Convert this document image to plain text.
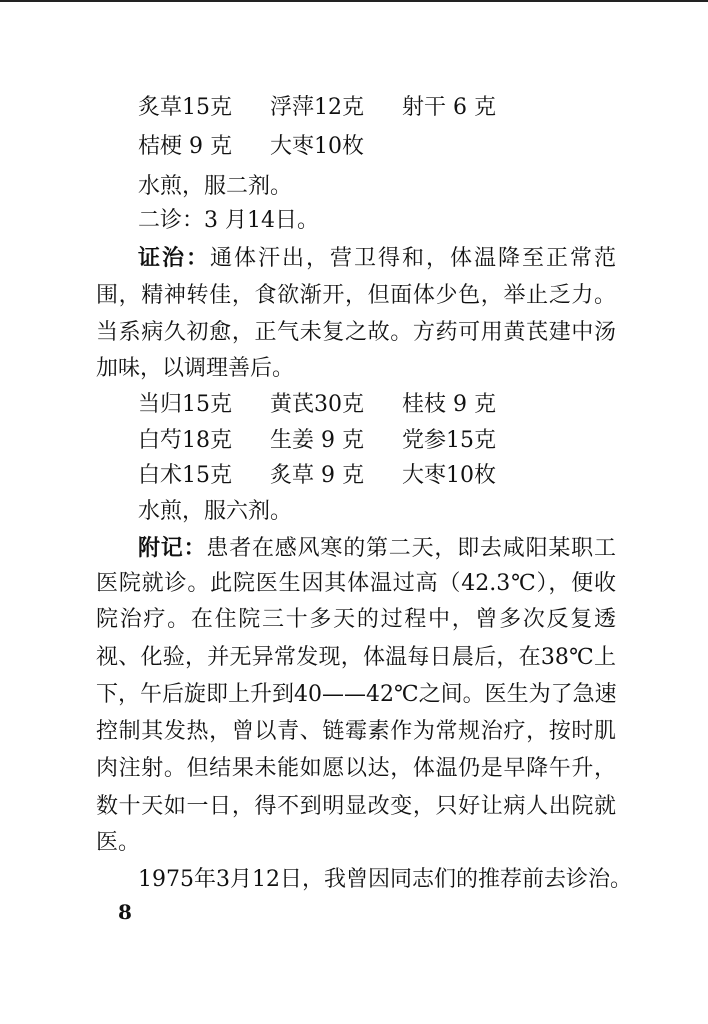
炙草15克 浮萍12克 射干 6 克
桔梗 9 克 大枣10枚
水煎，服二剂。
二诊：3 月14日。
证治：通体汗出，营卫得和，体温降至正常范
围，精神转佳，食欲渐开，但面体少色，举止乏力。
当系病久初愈，正气未复之故。方药可用黄芪建中汤
加味，以调理善后。
当归15克 黄芪30克 桂枝 9 克
白芍18克 生姜 9 克 党参15克
白术15克 炙草 9 克 大枣10枚
水煎，服六剂。
附记：患者在感风寒的第二天，即去咸阳某职工
医院就诊。此院医生因其体温过高（42.3℃），便收
院治疗。在住院三十多天的过程中，曾多次反复透
视、化验，并无异常发现，体温每日晨后，在38℃上
下，午后旋即上升到40——42℃之间。医生为了急速
控制其发热，曾以青、链霉素作为常规治疗，按时肌
肉注射。但结果未能如愿以达，体温仍是早降午升，
数十天如一日，得不到明显改变，只好让病人出院就
医。
1975年3月12日，我曾因同志们的推荐前去诊治。
8
